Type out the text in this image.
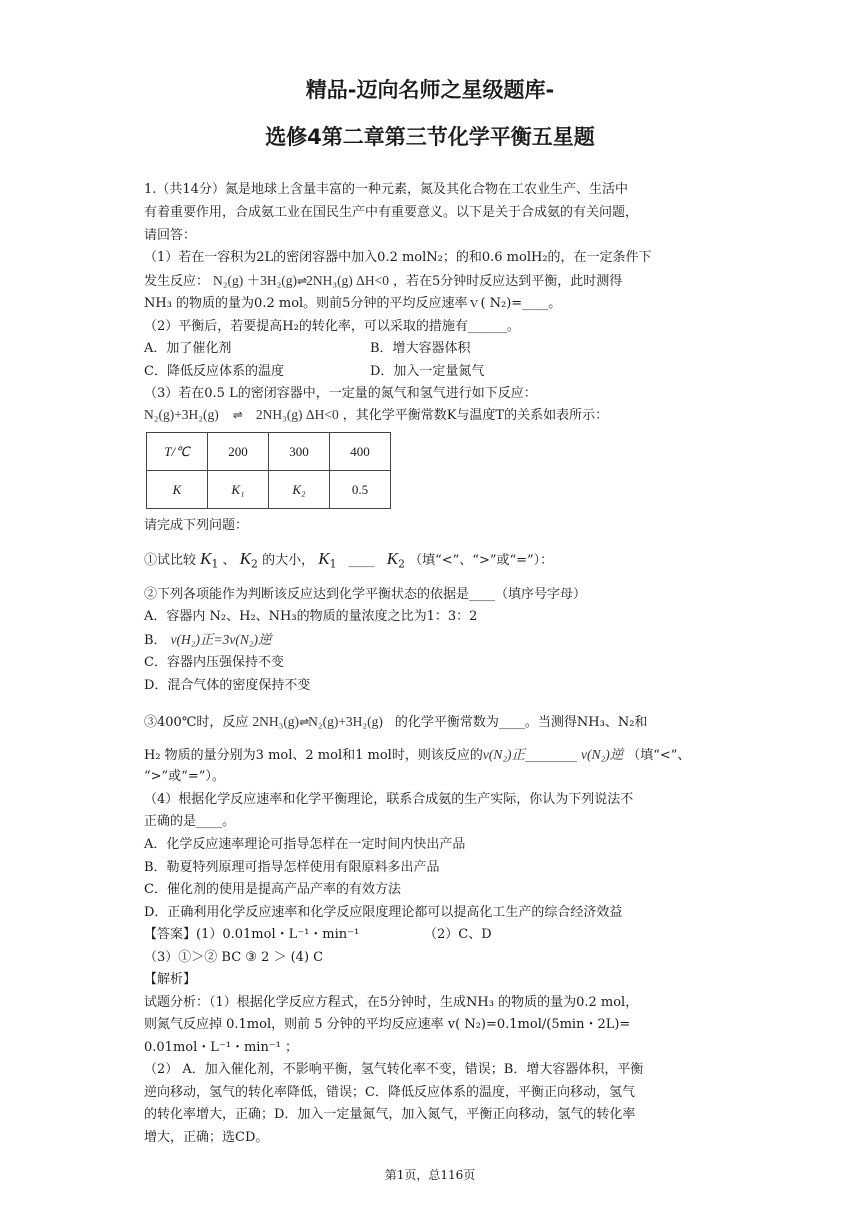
精品-迈向名师之星级题库-
选修4第二章第三节化学平衡五星题
1.（共14分）氮是地球上含量丰富的一种元素，氮及其化合物在工农业生产、生活中
有着重要作用，合成氨工业在国民生产中有重要意义。以下是关于合成氨的有关问题，
请回答：
（1）若在一容积为2L的密闭容器中加入0.2 molN₂；的和0.6 molH₂的，在一定条件下
发生反应： N₂(g) ＋3H₂(g)⇌2NH₃(g) ΔH<0 ，若在5分钟时反应达到平衡，此时测得
NH₃ 的物质的量为0.2 mol。则前5分钟的平均反应速率ｖ( N₂)=____。
（2）平衡后，若要提高H₂的转化率，可以采取的措施有______。
A．加了催化剂	B．增大容器体积
C．降低反应体系的温度	D．加入一定量氮气
（3）若在0.5 L的密闭容器中，一定量的氮气和氢气进行如下反应：
N₂(g)+3H₂(g) ⇌ 2NH₃(g) ΔH<0 ，其化学平衡常数K与温度T的关系如表所示：
T/℃	200	300	400
K	K₁	K₂	0.5
请完成下列问题：
①试比较 $K_1$ 、 $K_2$ 的大小， $K_1$ ____ $K_2$ （填“<”、“>”或“=”）：
②下列各项能作为判断该反应达到化学平衡状态的依据是____（填序号字母）
A．容器内 N₂、H₂、NH₃的物质的量浓度之比为1：3：2
B． v(H₂)正=3v(N₂)逆
C．容器内压强保持不变
D．混合气体的密度保持不变
③400℃时，反应 2NH₃(g)⇌N₂(g)+3H₂(g) 的化学平衡常数为____。当测得NH₃、N₂和
H₂ 物质的量分别为3 mol、2 mol和1 mol时，则该反应的v(N₂)正________ v(N₂)逆 （填“<”、
“>”或“=”）。
（4）根据化学反应速率和化学平衡理论，联系合成氨的生产实际，你认为下列说法不
正确的是____。
A．化学反应速率理论可指导怎样在一定时间内快出产品
B．勒夏特列原理可指导怎样使用有限原料多出产品
C．催化剂的使用是提高产品产率的有效方法
D．正确利用化学反应速率和化学反应限度理论都可以提高化工生产的综合经济效益
【答案】(1）0.01mol・L⁻¹・min⁻¹	（2）C、D
（3）①＞② BC ③ 2 ＞ (4) C
【解析】
试题分析：（1）根据化学反应方程式，在5分钟时，生成NH₃ 的物质的量为0.2 mol，
则氮气反应掉 0.1mol，则前 5 分钟的平均反应速率 v( N₂)=0.1mol/(5min・2L)=
0.01mol・L⁻¹・min⁻¹ ；
（2） A．加入催化剂，不影响平衡，氢气转化率不变，错误；B．增大容器体积，平衡
逆向移动，氢气的转化率降低，错误；C．降低反应体系的温度，平衡正向移动，氢气
的转化率增大，正确；D．加入一定量氮气，加入氮气，平衡正向移动，氢气的转化率
增大，正确；选CD。
第1页，总116页
